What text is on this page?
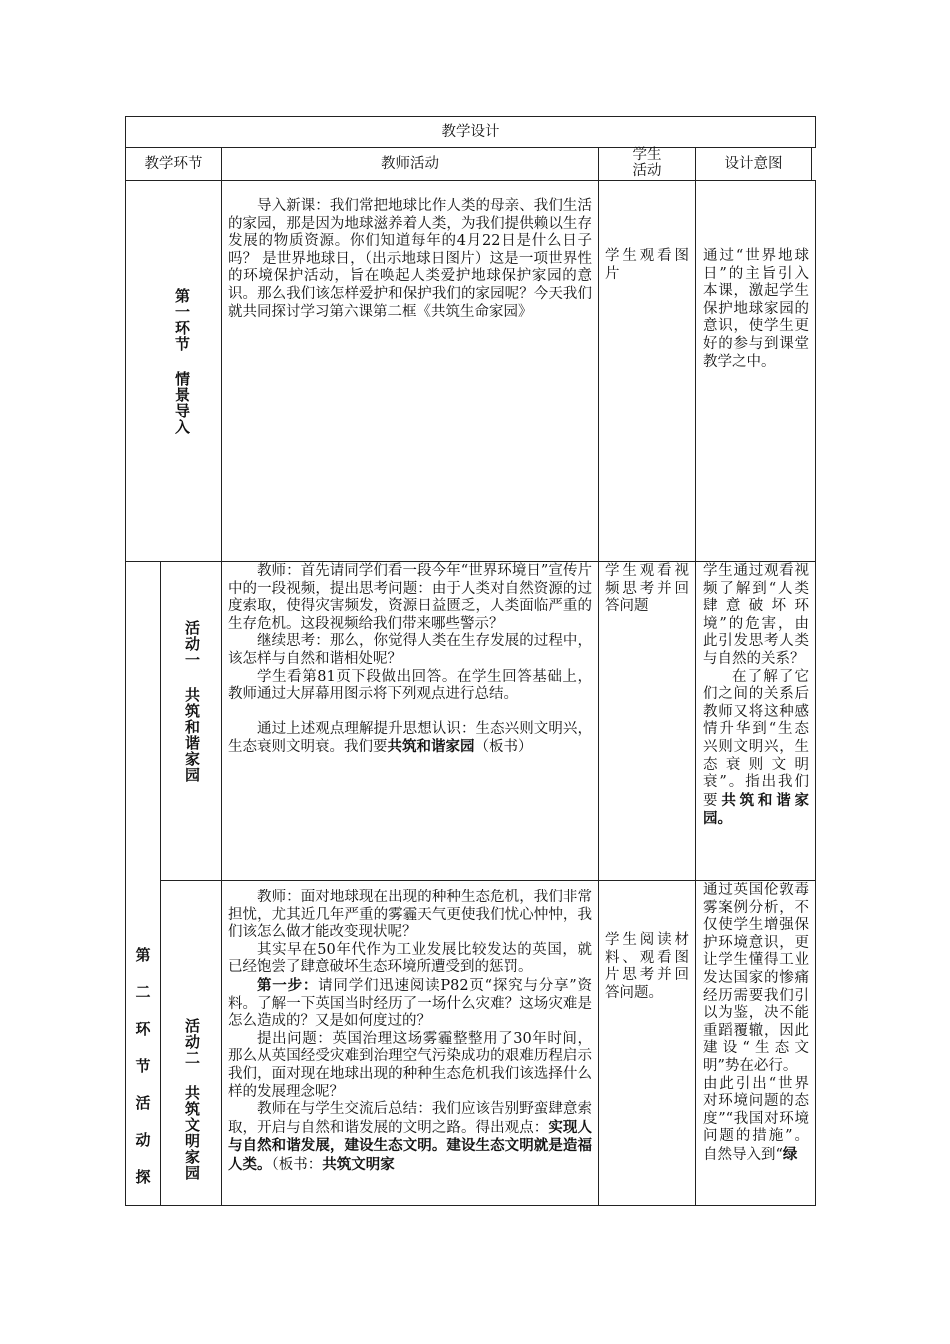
教学设计
教学环节	教师活动
学生
活动	设计意图
第一环节 情景导入

导入新课：我们常把地球比作人类的母亲、我们生活的家园，那是因为地球滋养着人类，为我们提供赖以生存发展的物质资源。你们知道每年的4月22日是什么日子吗？ 是世界地球日，（出示地球日图片）这是一项世界性的环境保护活动，旨在唤起人类爱护地球保护家园的意识。那么我们该怎样爱护和保护我们的家园呢？今天我们就共同探讨学习第六课第二框《共筑生命家园》

学生观看图片
通过“世界地球日”的主旨引入本课，激起学生保护地球家园的意识，使学生更好的参与到课堂教学之中。
第
二
环
节
活
动
探
活动一 共筑和谐家园

教师：首先请同学们看一段今年“世界环境日”宣传片中的一段视频，提出思考问题：由于人类对自然资源的过度索取，使得灾害频发，资源日益匮乏，人类面临严重的生存危机。这段视频给我们带来哪些警示？

继续思考：那么，你觉得人类在生存发展的过程中，该怎样与自然和谐相处呢？

学生看第81页下段做出回答。在学生回答基础上，教师通过大屏幕用图示将下列观点进行总结。

通过上述观点理解提升思想认识：生态兴则文明兴，生态衰则文明衰。我们要共筑和谐家园（板书）

学生观看视频思考并回答问题
学生通过观看视频了解到“人类肆意破坏环境”的危害，由此引发思考人类与自然的关系？
在了解了它们之间的关系后教师又将这种感情升华到“生态兴则文明兴，生态衰则文明衰”。指出我们要共筑和谐家园。
活动二 共筑文明家园

教师：面对地球现在出现的种种生态危机，我们非常担忧，尤其近几年严重的雾霾天气更使我们忧心忡忡，我们该怎么做才能改变现状呢？

其实早在50年代作为工业发展比较发达的英国，就已经饱尝了肆意破坏生态环境所遭受到的惩罚。

第一步：请同学们迅速阅读P82页“探究与分享”资料。了解一下英国当时经历了一场什么灾难？这场灾难是怎么造成的？又是如何度过的？

提出问题：英国治理这场雾霾整整用了30年时间，那么从英国经受灾难到治理空气污染成功的艰难历程启示我们，面对现在地球出现的种种生态危机我们该选择什么样的发展理念呢？

教师在与学生交流后总结：我们应该告别野蛮肆意索取，开启与自然和谐发展的文明之路。得出观点：实现人与自然和谐发展，建设生态文明。建设生态文明就是造福人类。（板书：共筑文明家

学生阅读材料、观看图片思考并回答问题。
通过英国伦敦毒雾案例分析，不仅使学生增强保护环境意识，更让学生懂得工业发达国家的惨痛经历需要我们引以为鉴，决不能重蹈覆辙，因此建设“生态文明”势在必行。
由此引出“世界对环境问题的态度”“我国对环境问题的措施”。自然导入到“绿
